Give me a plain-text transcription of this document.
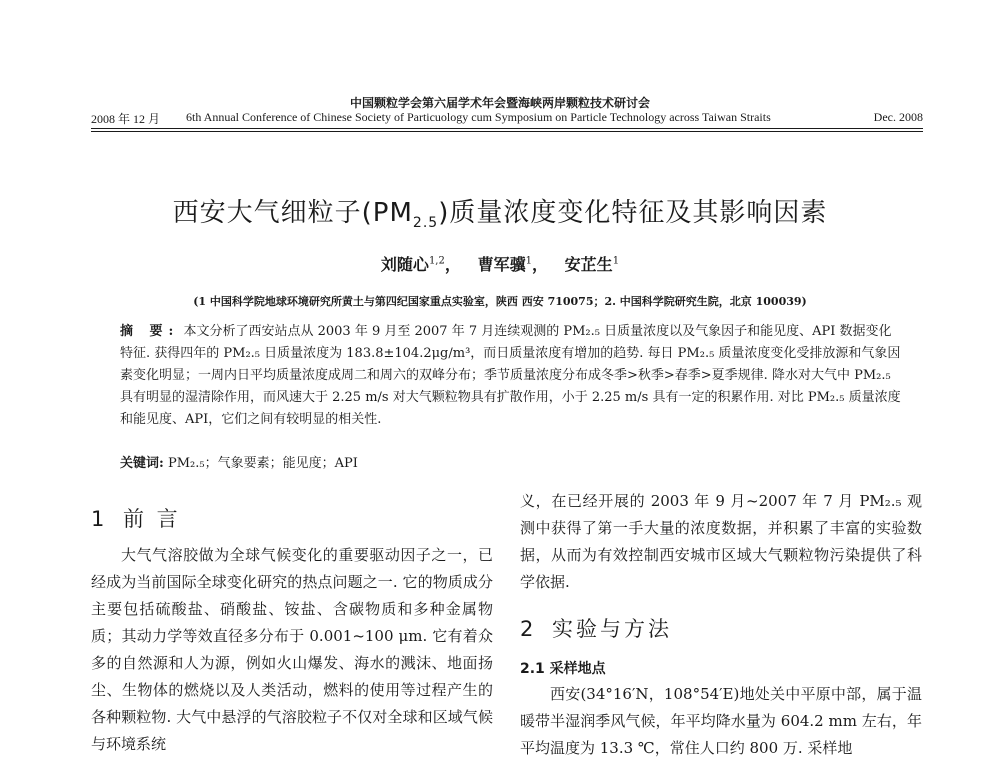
中国颗粒学会第六届学术年会暨海峡两岸颗粒技术研讨会
2008 年 12 月 6th Annual Conference of Chinese Society of Particuology cum Symposium on Particle Technology across Taiwan Straits	Dec. 2008
西安大气细粒子$(PM_{2.5})$质量浓度变化特征及其影响因素
刘随心$^{1,2}$，   曹军骥$^1$，   安芷生$^1$
(1 中国科学院地球环境研究所黄土与第四纪国家重点实验室，陕西 西安 710075；2. 中国科学院研究生院，北京 100039)
摘 要: 本文分析了西安站点从 2003 年 9 月至 2007 年 7 月连续观测的 PM₂.₅ 日质量浓度以及气象因子和能见度、API 数据变化特征. 获得四年的 PM₂.₅ 日质量浓度为 183.8±104.2μg/m³，而日质量浓度有增加的趋势. 每日 PM₂.₅ 质量浓度变化受排放源和气象因素变化明显；一周内日平均质量浓度成周二和周六的双峰分布；季节质量浓度分布成冬季>秋季>春季>夏季规律. 降水对大气中 PM₂.₅ 具有明显的湿清除作用，而风速大于 2.25 m/s 对大气颗粒物具有扩散作用，小于 2.25 m/s 具有一定的积累作用. 对比 PM₂.₅ 质量浓度和能见度、API，它们之间有较明显的相关性.
关键词: PM₂.₅；气象要素；能见度；API
1 前 言

大气气溶胶做为全球气候变化的重要驱动因子之一，已经成为当前国际全球变化研究的热点问题之一. 它的物质成分主要包括硫酸盐、硝酸盐、铵盐、含碳物质和多种金属物质；其动力学等效直径多分布于 0.001~100 μm. 它有着众多的自然源和人为源，例如火山爆发、海水的溅沫、地面扬尘、生物体的燃烧以及人类活动，燃料的使用等过程产生的各种颗粒物. 大气中悬浮的气溶胶粒子不仅对全球和区域气候与环境系统

义，在已经开展的 2003 年 9 月~2007 年 7 月 PM₂.₅ 观测中获得了第一手大量的浓度数据，并积累了丰富的实验数据，从而为有效控制西安城市区域大气颗粒物污染提供了科学依据.

2 实验与方法
2.1 采样地点

西安(34°16′N，108°54′E)地处关中平原中部，属于温暖带半湿润季风气候，年平均降水量为 604.2 mm 左右，年平均温度为 13.3 ℃，常住人口约 800 万. 采样地
